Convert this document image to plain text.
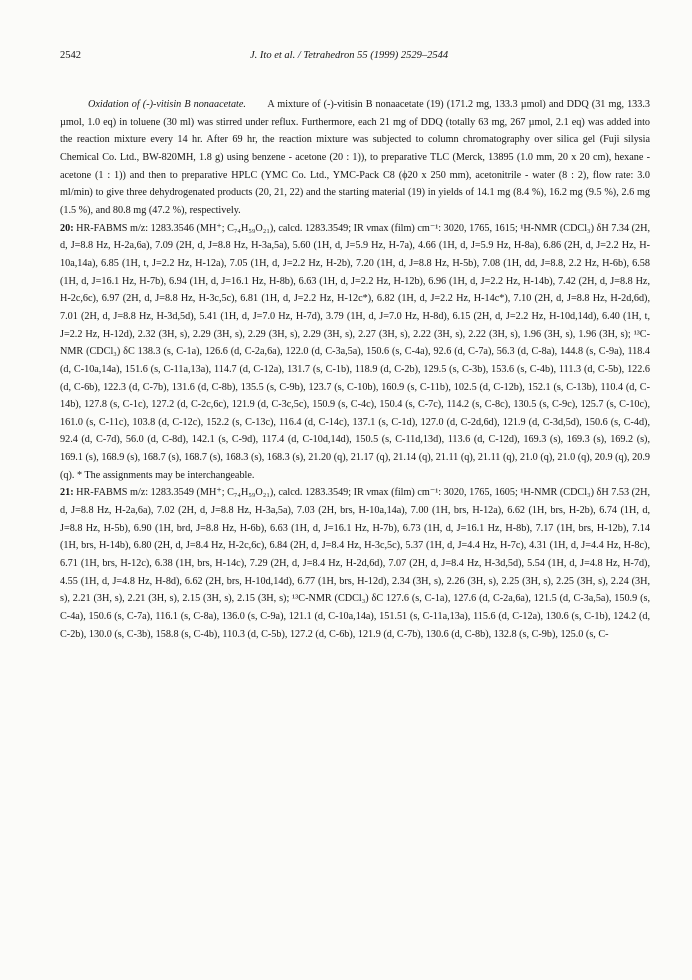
2542	J. Ito et al. / Tetrahedron 55 (1999) 2529–2544

Oxidation of (-)-vitisin B nonaacetate. A mixture of (-)-vitisin B nonaacetate (19) (171.2 mg, 133.3 µmol) and DDQ (31 mg, 133.3 µmol, 1.0 eq) in toluene (30 ml) was stirred under reflux. Furthermore, each 21 mg of DDQ (totally 63 mg, 267 µmol, 2.1 eq) was added into the reaction mixture every 14 hr. After 69 hr, the reaction mixture was subjected to column chromatography over silica gel (Fuji silysia Chemical Co. Ltd., BW-820MH, 1.8 g) using benzene - acetone (20 : 1)), to preparative TLC (Merck, 13895 (1.0 mm, 20 x 20 cm), hexane - acetone (1 : 1)) and then to preparative HPLC (YMC Co. Ltd., YMC-Pack C8 (ϕ20 x 250 mm), acetonitrile - water (8 : 2), flow rate: 3.0 ml/min) to give three dehydrogenated products (20, 21, 22) and the starting material (19) in yields of 14.1 mg (8.4 %), 16.2 mg (9.5 %), 2.6 mg (1.5 %), and 80.8 mg (47.2 %), respectively.

20: HR-FABMS m/z: 1283.3546 (MH⁺; C₇₄H₅₉O₂₁), calcd. 1283.3549; IR νmax (film) cm⁻¹: 3020, 1765, 1615; ¹H-NMR (CDCl₃) δH 7.34 (2H, d, J=8.8 Hz, H-2a,6a), 7.09 (2H, d, J=8.8 Hz, H-3a,5a), 5.60 (1H, d, J=5.9 Hz, H-7a), 4.66 (1H, d, J=5.9 Hz, H-8a), 6.86 (2H, d, J=2.2 Hz, H-10a,14a), 6.85 (1H, t, J=2.2 Hz, H-12a), 7.05 (1H, d, J=2.2 Hz, H-2b), 7.20 (1H, d, J=8.8 Hz, H-5b), 7.08 (1H, dd, J=8.8, 2.2 Hz, H-6b), 6.58 (1H, d, J=16.1 Hz, H-7b), 6.94 (1H, d, J=16.1 Hz, H-8b), 6.63 (1H, d, J=2.2 Hz, H-12b), 6.96 (1H, d, J=2.2 Hz, H-14b), 7.42 (2H, d, J=8.8 Hz, H-2c,6c), 6.97 (2H, d, J=8.8 Hz, H-3c,5c), 6.81 (1H, d, J=2.2 Hz, H-12c*), 6.82 (1H, d, J=2.2 Hz, H-14c*), 7.10 (2H, d, J=8.8 Hz, H-2d,6d), 7.01 (2H, d, J=8.8 Hz, H-3d,5d), 5.41 (1H, d, J=7.0 Hz, H-7d), 3.79 (1H, d, J=7.0 Hz, H-8d), 6.15 (2H, d, J=2.2 Hz, H-10d,14d), 6.40 (1H, t, J=2.2 Hz, H-12d), 2.32 (3H, s), 2.29 (3H, s), 2.29 (3H, s), 2.29 (3H, s), 2.27 (3H, s), 2.22 (3H, s), 2.22 (3H, s), 1.96 (3H, s), 1.96 (3H, s); ¹³C-NMR (CDCl₃) δC 138.3 (s, C-1a), 126.6 (d, C-2a,6a), 122.0 (d, C-3a,5a), 150.6 (s, C-4a), 92.6 (d, C-7a), 56.3 (d, C-8a), 144.8 (s, C-9a), 118.4 (d, C-10a,14a), 151.6 (s, C-11a,13a), 114.7 (d, C-12a), 131.7 (s, C-1b), 118.9 (d, C-2b), 129.5 (s, C-3b), 153.6 (s, C-4b), 111.3 (d, C-5b), 122.6 (d, C-6b), 122.3 (d, C-7b), 131.6 (d, C-8b), 135.5 (s, C-9b), 123.7 (s, C-10b), 160.9 (s, C-11b), 102.5 (d, C-12b), 152.1 (s, C-13b), 110.4 (d, C-14b), 127.8 (s, C-1c), 127.2 (d, C-2c,6c), 121.9 (d, C-3c,5c), 150.9 (s, C-4c), 150.4 (s, C-7c), 114.2 (s, C-8c), 130.5 (s, C-9c), 125.7 (s, C-10c), 161.0 (s, C-11c), 103.8 (d, C-12c), 152.2 (s, C-13c), 116.4 (d, C-14c), 137.1 (s, C-1d), 127.0 (d, C-2d,6d), 121.9 (d, C-3d,5d), 150.6 (s, C-4d), 92.4 (d, C-7d), 56.0 (d, C-8d), 142.1 (s, C-9d), 117.4 (d, C-10d,14d), 150.5 (s, C-11d,13d), 113.6 (d, C-12d), 169.3 (s), 169.3 (s), 169.2 (s), 169.1 (s), 168.9 (s), 168.7 (s), 168.7 (s), 168.3 (s), 168.3 (s), 21.20 (q), 21.17 (q), 21.14 (q), 21.11 (q), 21.11 (q), 21.0 (q), 21.0 (q), 20.9 (q), 20.9 (q). * The assignments may be interchangeable.

21: HR-FABMS m/z: 1283.3549 (MH⁺; C₇₄H₅₉O₂₁), calcd. 1283.3549; IR νmax (film) cm⁻¹: 3020, 1765, 1605; ¹H-NMR (CDCl₃) δH 7.53 (2H, d, J=8.8 Hz, H-2a,6a), 7.02 (2H, d, J=8.8 Hz, H-3a,5a), 7.03 (2H, brs, H-10a,14a), 7.00 (1H, brs, H-12a), 6.62 (1H, brs, H-2b), 6.74 (1H, d, J=8.8 Hz, H-5b), 6.90 (1H, brd, J=8.8 Hz, H-6b), 6.63 (1H, d, J=16.1 Hz, H-7b), 6.73 (1H, d, J=16.1 Hz, H-8b), 7.17 (1H, brs, H-12b), 7.14 (1H, brs, H-14b), 6.80 (2H, d, J=8.4 Hz, H-2c,6c), 6.84 (2H, d, J=8.4 Hz, H-3c,5c), 5.37 (1H, d, J=4.4 Hz, H-7c), 4.31 (1H, d, J=4.4 Hz, H-8c), 6.71 (1H, brs, H-12c), 6.38 (1H, brs, H-14c), 7.29 (2H, d, J=8.4 Hz, H-2d,6d), 7.07 (2H, d, J=8.4 Hz, H-3d,5d), 5.54 (1H, d, J=4.8 Hz, H-7d), 4.55 (1H, d, J=4.8 Hz, H-8d), 6.62 (2H, brs, H-10d,14d), 6.77 (1H, brs, H-12d), 2.34 (3H, s), 2.26 (3H, s), 2.25 (3H, s), 2.25 (3H, s), 2.24 (3H, s), 2.21 (3H, s), 2.21 (3H, s), 2.15 (3H, s), 2.15 (3H, s); ¹³C-NMR (CDCl₃) δC 127.6 (s, C-1a), 127.6 (d, C-2a,6a), 121.5 (d, C-3a,5a), 150.9 (s, C-4a), 150.6 (s, C-7a), 116.1 (s, C-8a), 136.0 (s, C-9a), 121.1 (d, C-10a,14a), 151.51 (s, C-11a,13a), 115.6 (d, C-12a), 130.6 (s, C-1b), 124.2 (d, C-2b), 130.0 (s, C-3b), 158.8 (s, C-4b), 110.3 (d, C-5b), 127.2 (d, C-6b), 121.9 (d, C-7b), 130.6 (d, C-8b), 132.8 (s, C-9b), 125.0 (s, C-
